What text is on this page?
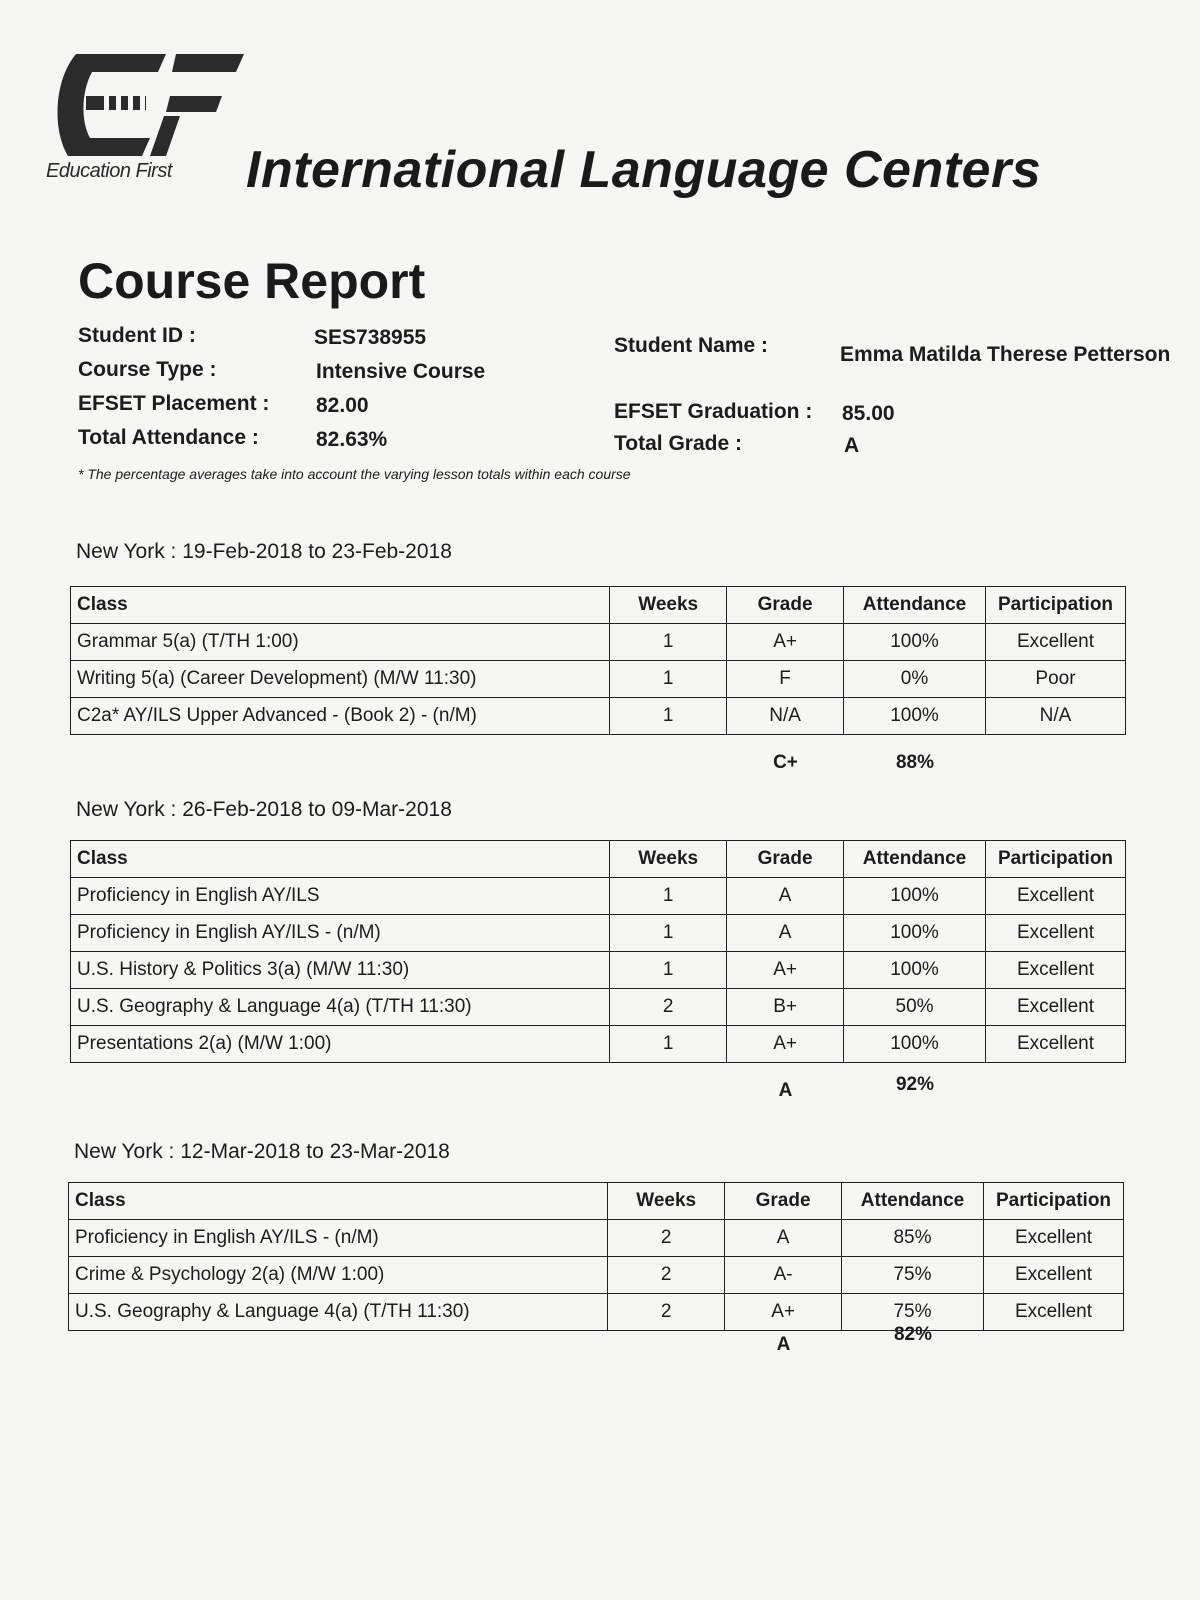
Education First International Language Centers
Course Report
Student ID :	SES738955
Course Type :	Intensive Course
EFSET Placement : 82.00
Total Attendance :	82.63%
Student Name :	Emma Matilda Therese Petterson
EFSET Graduation : 85.00
Total Grade :	A
* The percentage averages take into account the varying lesson totals within each course
New York : 19-Feb-2018 to 23-Feb-2018
Class	Weeks	Grade	Attendance	Participation
Grammar 5(a) (T/TH 1:00)	1	A+	100%	Excellent
Writing 5(a) (Career Development) (M/W 11:30)	1	F	0%	Poor
C2a* AY/ILS Upper Advanced - (Book 2) - (n/M)	1	N/A	100%	N/A
C+	88%
New York : 26-Feb-2018 to 09-Mar-2018
Class	Weeks	Grade	Attendance	Participation
Proficiency in English AY/ILS	1	A	100%	Excellent
Proficiency in English AY/ILS - (n/M)	1	A	100%	Excellent
U.S. History & Politics 3(a) (M/W 11:30)	1	A+	100%	Excellent
U.S. Geography & Language 4(a) (T/TH 11:30)	2	B+	50%	Excellent
Presentations 2(a) (M/W 1:00)	1	A+	100%	Excellent
A	92%
New York : 12-Mar-2018 to 23-Mar-2018
Class	Weeks	Grade	Attendance	Participation
Proficiency in English AY/ILS - (n/M)	2	A	85%	Excellent
Crime & Psychology 2(a) (M/W 1:00)	2	A-	75%	Excellent
U.S. Geography & Language 4(a) (T/TH 11:30)	2	A+	75%	Excellent
A	82%
